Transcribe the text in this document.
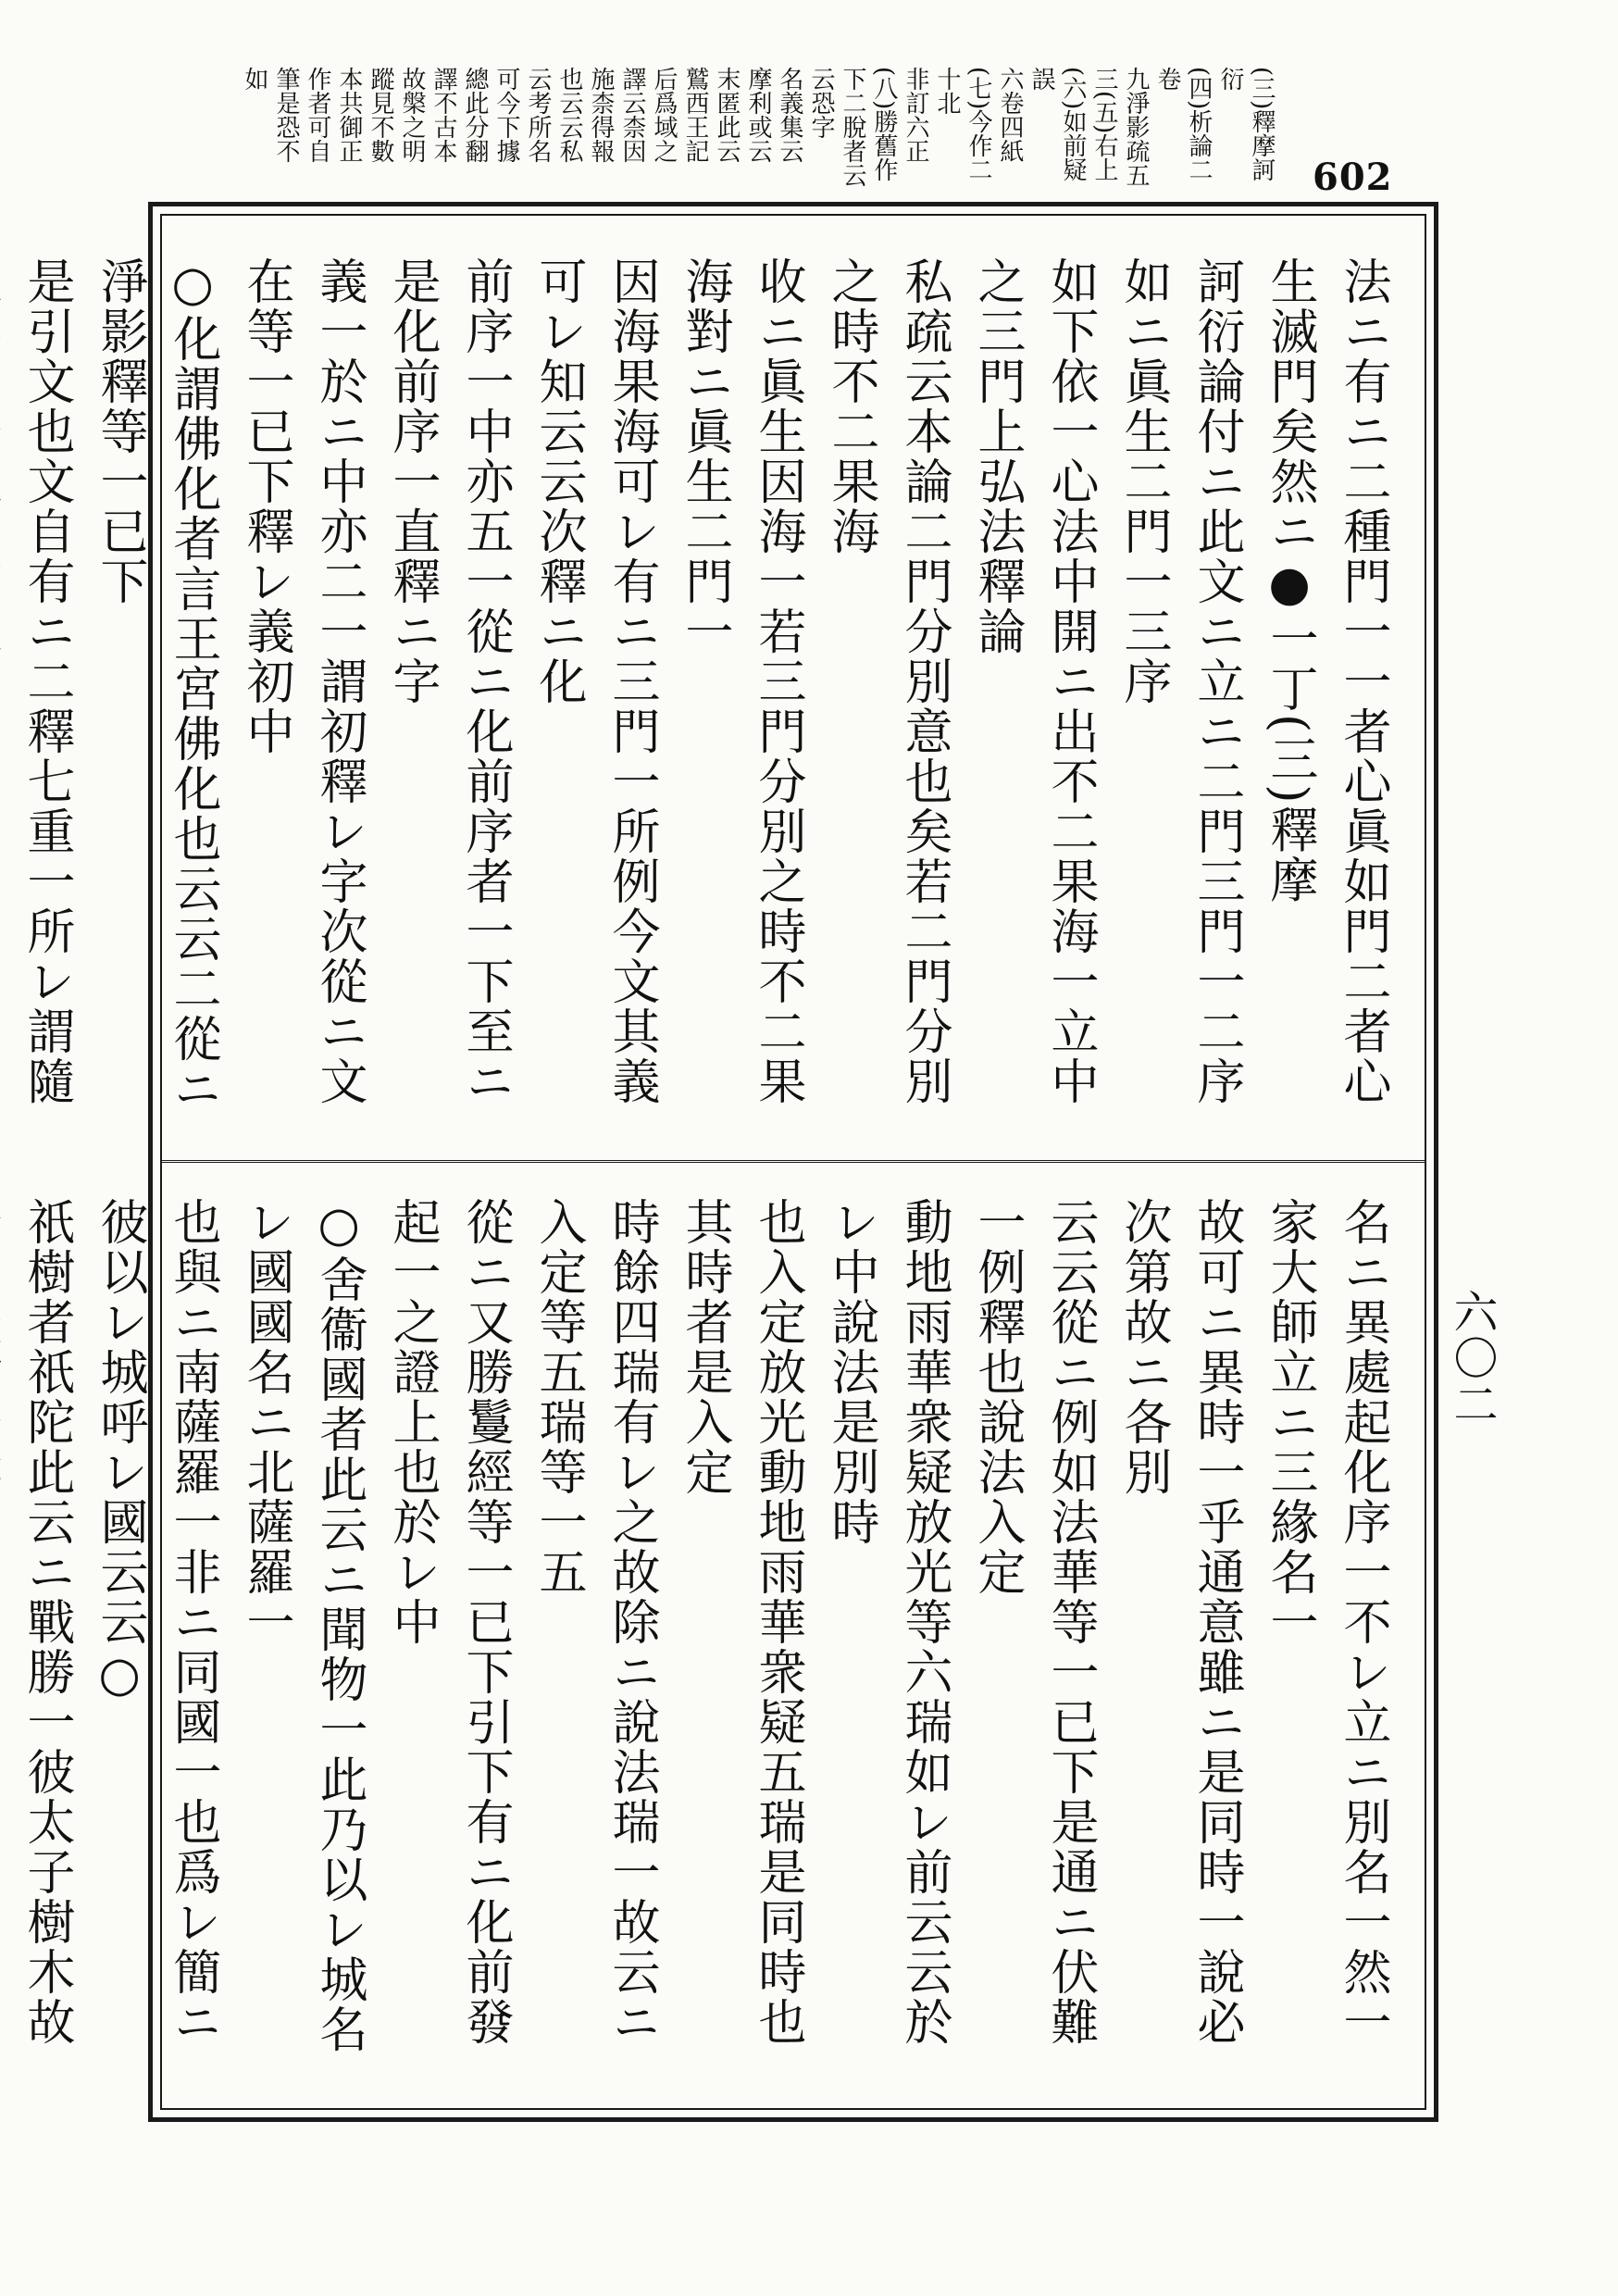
602
(三)釋摩訶衍
(四)析論二卷
九淨影疏五
三(五)右上
(六)如前疑誤
六卷四紙
(七)今作二十北
非訂六正
(八)勝舊作
下二脫者云
云恐字
名義集云
摩利或云
末匿此云
鷲西王記
后爲域之
譯云柰因
施柰得報
也云云私
云考所名
可今下據
總此分翻
譯不古本
故槃之明
蹤見不數
本共御正
作者可自
筆是恐不
如
法ニ有ニ二種門一一者心眞如門二者心生滅門矣然ニ●一丁(三)釋摩
訶衍論付ニ此文ニ立ニ二門三門一二序如ニ眞生二門一三序
如下依一心法中開ニ出不二果海一立中之三門上弘法釋論
私疏云本論二門分別意也矣若二門分別之時不二果海
收ニ眞生因海一若三門分別之時不二果海對ニ眞生二門一
因海果海可レ有ニ三門一所例今文其義可レ知云云次釋ニ化
前序一中亦五一從ニ化前序者一下至ニ是化前序一直釋ニ字
義一於ニ中亦二一謂初釋レ字次從ニ文在等一已下釋レ義初中
○化謂佛化者言王宮佛化也云云二從ニ淨影釋等一已下
是引文也文自有ニ二釋七重一所レ謂隨
名ニ異處起化序一不レ立ニ別名一然一家大師立ニ三緣名一
故可ニ異時一乎通意雖ニ是同時一說必次第故ニ各別
云云從ニ例如法華等一已下是通ニ伏難一例釋也說法入定
動地雨華衆疑放光等六瑞如レ前云云於レ中說法是別時
也入定放光動地雨華衆疑五瑞是同時也其時者是入定
時餘四瑞有レ之故除ニ說法瑞一故云ニ入定等五瑞等一五
從ニ又勝鬘經等一已下引下有ニ化前發起一之證上也於レ中
○舍衞國者此云ニ聞物一此乃以レ城名レ國國名ニ北薩羅一
也與ニ南薩羅一非ニ同國一也爲レ簡ニ彼以レ城呼レ國云云○
祇樹者祇陀此云ニ戰勝一彼太子樹木故
六〇二
